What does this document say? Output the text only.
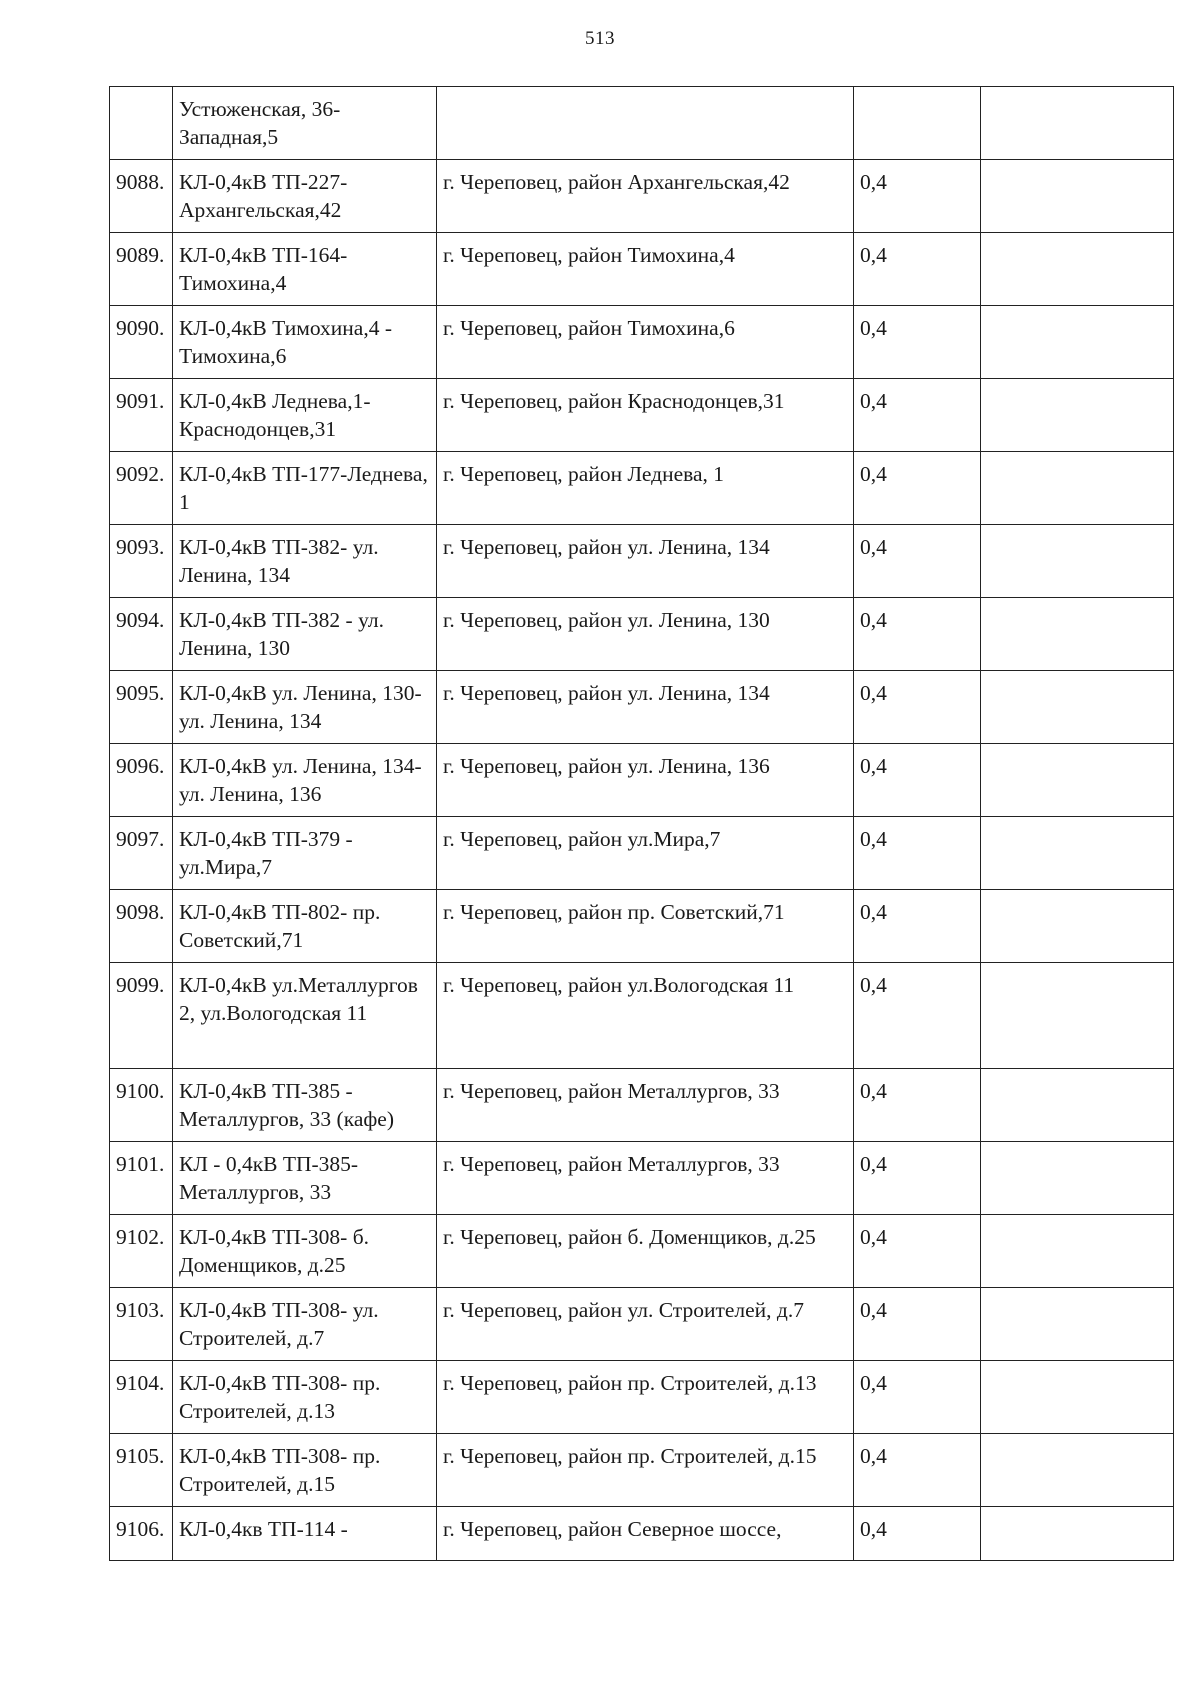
513
	Устюженская, 36-Западная,5			
9088.	КЛ-0,4кВ ТП-227-Архангельская,42	г. Череповец, район Архангельская,42	0,4	
9089.	КЛ-0,4кВ ТП-164-Тимохина,4	г. Череповец, район Тимохина,4	0,4	
9090.	КЛ-0,4кВ Тимохина,4 - Тимохина,6	г. Череповец, район Тимохина,6	0,4	
9091.	КЛ-0,4кВ Леднева,1-Краснодонцев,31	г. Череповец, район Краснодонцев,31	0,4	
9092.	КЛ-0,4кВ ТП-177-Леднева, 1	г. Череповец, район Леднева, 1	0,4	
9093.	КЛ-0,4кВ ТП-382- ул. Ленина, 134	г. Череповец, район ул. Ленина, 134	0,4	
9094.	КЛ-0,4кВ ТП-382 - ул. Ленина, 130	г. Череповец, район ул. Ленина, 130	0,4	
9095.	КЛ-0,4кВ ул. Ленина, 130- ул. Ленина, 134	г. Череповец, район ул. Ленина, 134	0,4	
9096.	КЛ-0,4кВ ул. Ленина, 134- ул. Ленина, 136	г. Череповец, район ул. Ленина, 136	0,4	
9097.	КЛ-0,4кВ ТП-379 - ул.Мира,7	г. Череповец, район ул.Мира,7	0,4	
9098.	КЛ-0,4кВ ТП-802- пр. Советский,71	г. Череповец, район пр. Советский,71	0,4	
9099.	КЛ-0,4кВ ул.Металлургов 2, ул.Вологодская 11	г. Череповец, район ул.Вологодская 11	0,4	
9100.	КЛ-0,4кВ ТП-385 - Металлургов, 33 (кафе)	г. Череповец, район Металлургов, 33	0,4	
9101.	КЛ - 0,4кВ ТП-385-Металлургов, 33	г. Череповец, район Металлургов, 33	0,4	
9102.	КЛ-0,4кВ ТП-308- б. Доменщиков, д.25	г. Череповец, район б. Доменщиков, д.25	0,4	
9103.	КЛ-0,4кВ ТП-308- ул. Строителей, д.7	г. Череповец, район ул. Строителей, д.7	0,4	
9104.	КЛ-0,4кВ ТП-308- пр. Строителей, д.13	г. Череповец, район пр. Строителей, д.13	0,4	
9105.	КЛ-0,4кВ ТП-308- пр. Строителей, д.15	г. Череповец, район пр. Строителей, д.15	0,4	
9106.	КЛ-0,4кв ТП-114 -	г. Череповец, район Северное шоссе,	0,4	
